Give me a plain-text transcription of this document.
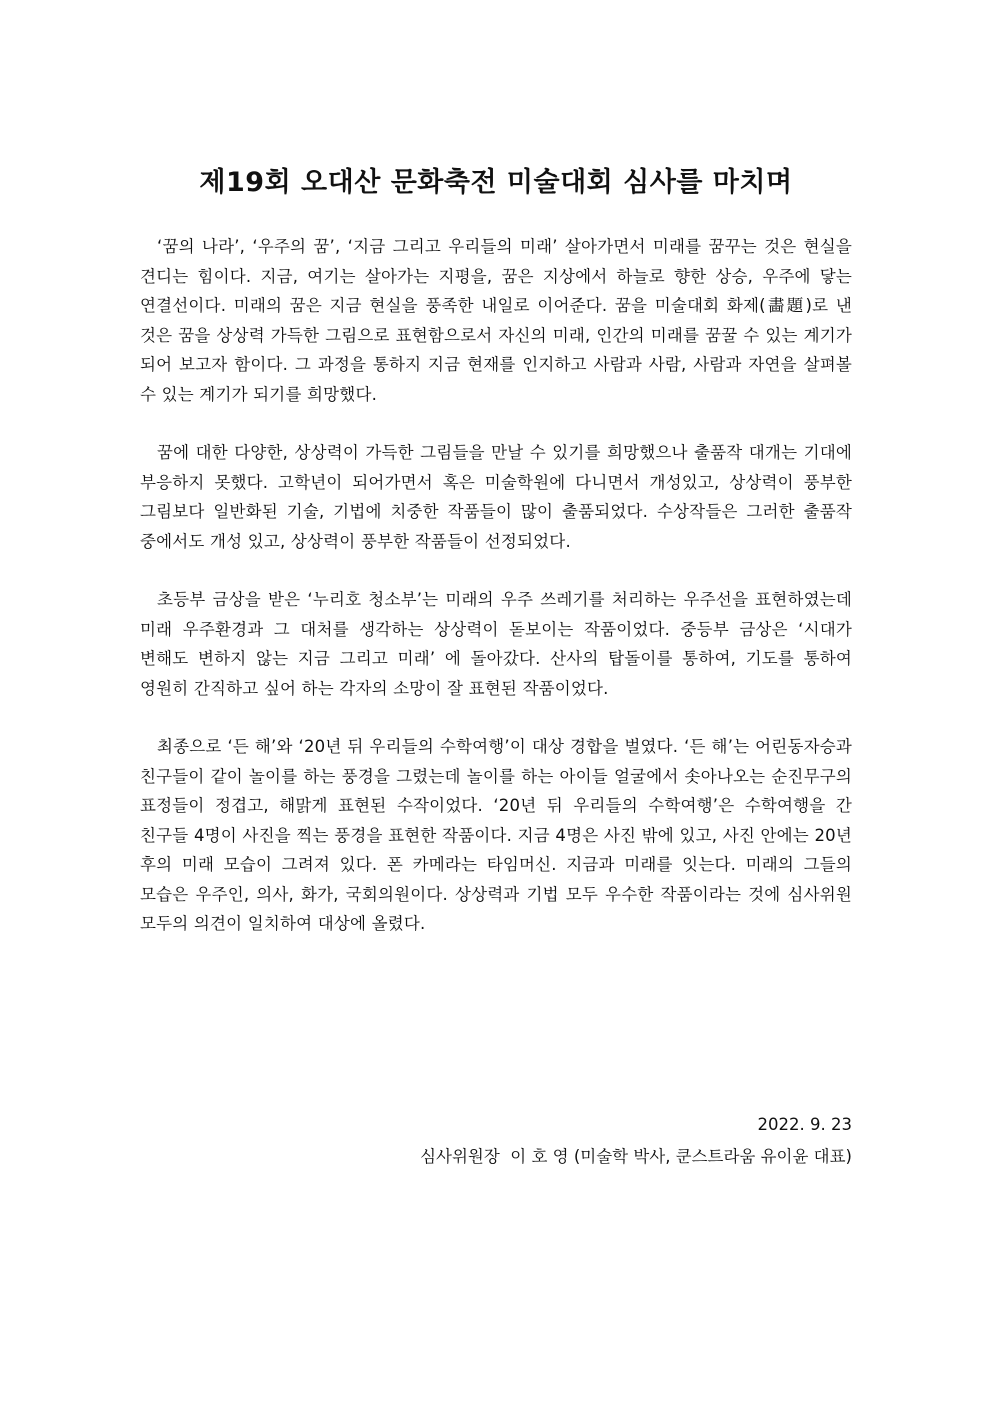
제19회 오대산 문화축전 미술대회 심사를 마치며

‘꿈의 나라’, ‘우주의 꿈’, ‘지금 그리고 우리들의 미래’ 살아가면서 미래를 꿈꾸는 것은 현실을 견디는 힘이다. 지금, 여기는 살아가는 지평을, 꿈은 지상에서 하늘로 향한 상승, 우주에 닿는 연결선이다. 미래의 꿈은 지금 현실을 풍족한 내일로 이어준다. 꿈을 미술대회 화제(畵題)로 낸 것은 꿈을 상상력 가득한 그림으로 표현함으로서 자신의 미래, 인간의 미래를 꿈꿀 수 있는 계기가 되어 보고자 함이다. 그 과정을 통하지 지금 현재를 인지하고 사람과 사람, 사람과 자연을 살펴볼 수 있는 계기가 되기를 희망했다.

꿈에 대한 다양한, 상상력이 가득한 그림들을 만날 수 있기를 희망했으나 출품작 대개는 기대에 부응하지 못했다. 고학년이 되어가면서 혹은 미술학원에 다니면서 개성있고, 상상력이 풍부한 그림보다 일반화된 기술, 기법에 치중한 작품들이 많이 출품되었다. 수상작들은 그러한 출품작 중에서도 개성 있고, 상상력이 풍부한 작품들이 선정되었다.

초등부 금상을 받은 ‘누리호 청소부’는 미래의 우주 쓰레기를 처리하는 우주선을 표현하였는데 미래 우주환경과 그 대처를 생각하는 상상력이 돋보이는 작품이었다. 중등부 금상은 ‘시대가 변해도 변하지 않는 지금 그리고 미래’ 에 돌아갔다. 산사의 탑돌이를 통하여, 기도를 통하여 영원히 간직하고 싶어 하는 각자의 소망이 잘 표현된 작품이었다.

최종으로 ‘든 해’와 ‘20년 뒤 우리들의 수학여행’이 대상 경합을 벌였다. ‘든 해’는 어린동자승과 친구들이 같이 놀이를 하는 풍경을 그렸는데 놀이를 하는 아이들 얼굴에서 솟아나오는 순진무구의 표정들이 정겹고, 해맑게 표현된 수작이었다. ‘20년 뒤 우리들의 수학여행’은 수학여행을 간 친구들 4명이 사진을 찍는 풍경을 표현한 작품이다. 지금 4명은 사진 밖에 있고, 사진 안에는 20년 후의 미래 모습이 그려져 있다. 폰 카메라는 타임머신. 지금과 미래를 잇는다. 미래의 그들의 모습은 우주인, 의사, 화가, 국회의원이다. 상상력과 기법 모두 우수한 작품이라는 것에 심사위원 모두의 의견이 일치하여 대상에 올렸다.

2022. 9. 23

심사위원장  이 호 영 (미술학 박사, 쿤스트라움 유이윤 대표)
